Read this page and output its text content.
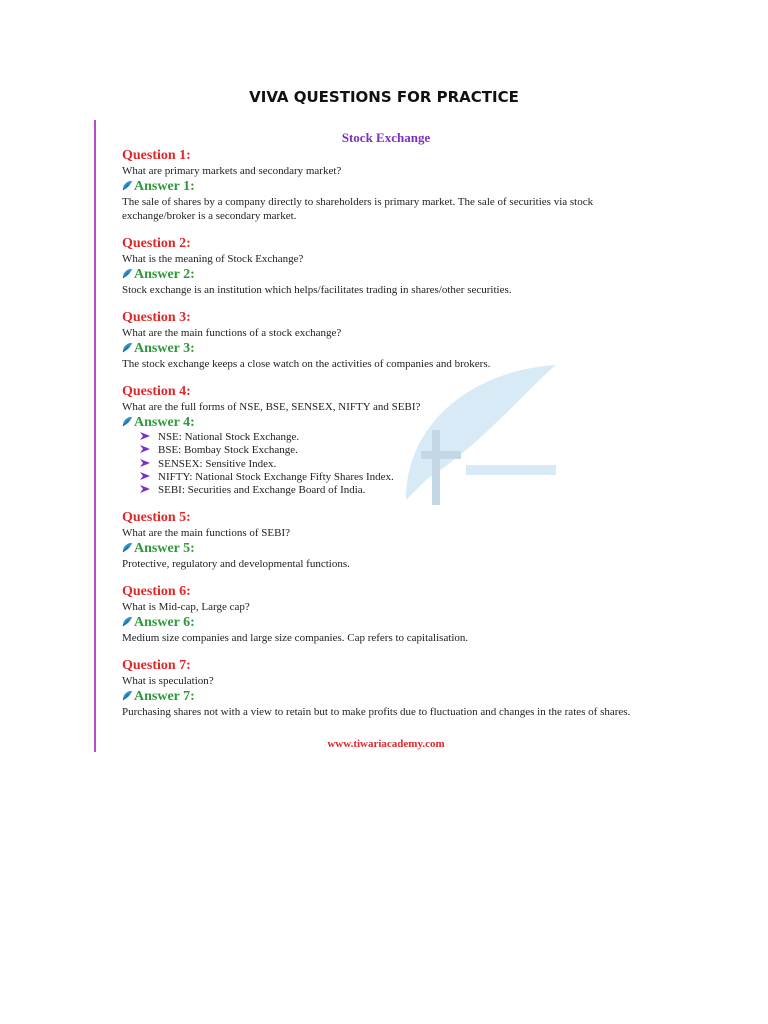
VIVA QUESTIONS FOR PRACTICE
Stock Exchange
Question 1:
What are primary markets and secondary market?
Answer 1:
The sale of shares by a company directly to shareholders is primary market. The sale of securities via stock exchange/broker is a secondary market.
Question 2:
What is the meaning of Stock Exchange?
Answer 2:
Stock exchange is an institution which helps/facilitates trading in shares/other securities.
Question 3:
What are the main functions of a stock exchange?
Answer 3:
The stock exchange keeps a close watch on the activities of companies and brokers.
Question 4:
What are the full forms of NSE, BSE, SENSEX, NIFTY and SEBI?
Answer 4:
NSE: National Stock Exchange.
BSE: Bombay Stock Exchange.
SENSEX: Sensitive Index.
NIFTY: National Stock Exchange Fifty Shares Index.
SEBI: Securities and Exchange Board of India.
Question 5:
What are the main functions of SEBI?
Answer 5:
Protective, regulatory and developmental functions.
Question 6:
What is Mid-cap, Large cap?
Answer 6:
Medium size companies and large size companies. Cap refers to capitalisation.
Question 7:
What is speculation?
Answer 7:
Purchasing shares not with a view to retain but to make profits due to fluctuation and changes in the rates of shares.
www.tiwariacademy.com
